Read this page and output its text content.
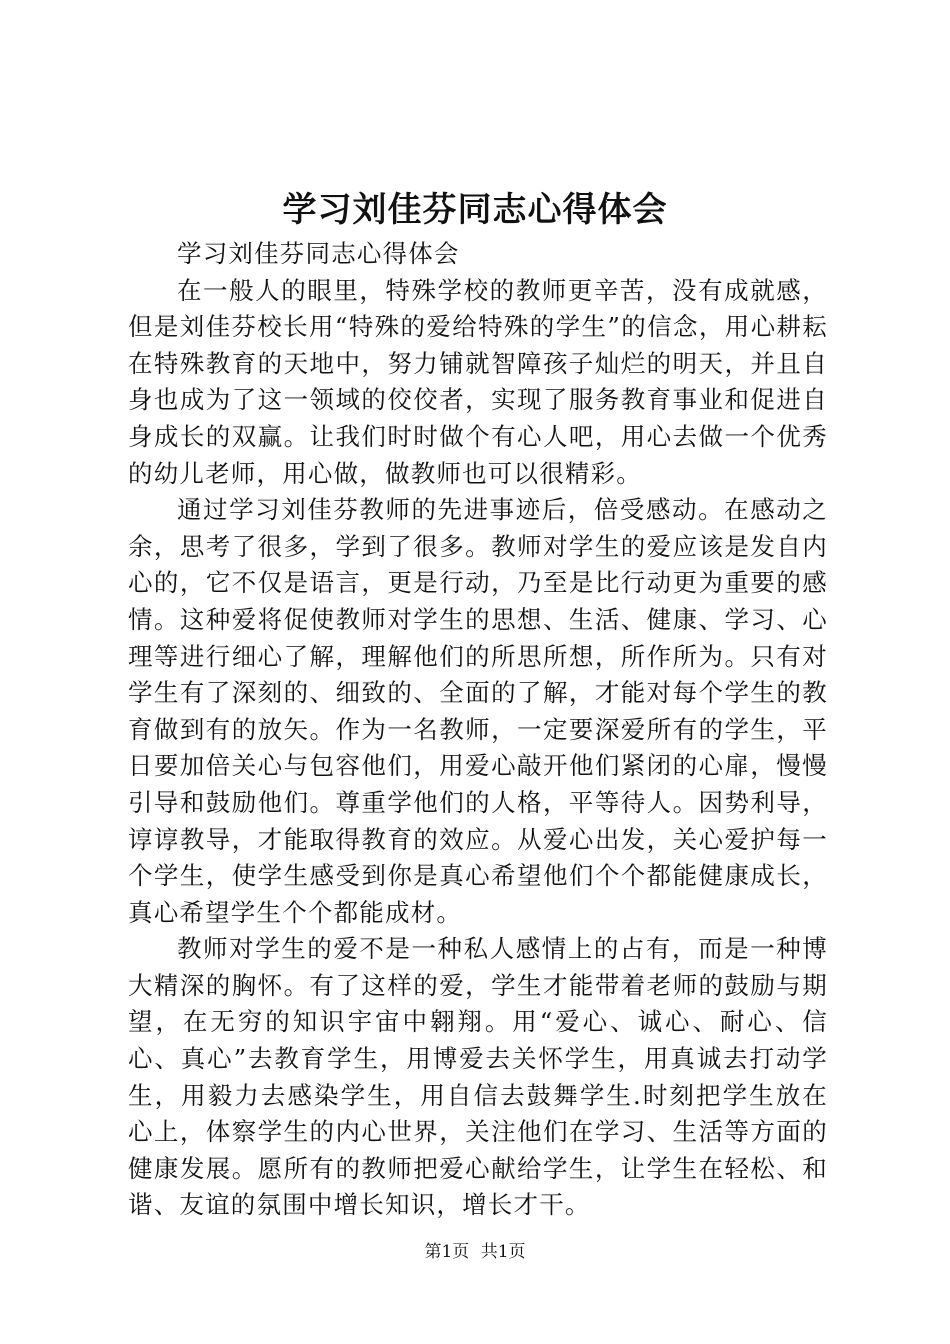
学习刘佳芬同志心得体会

学习刘佳芬同志心得体会

在一般人的眼里，特殊学校的教师更辛苦，没有成就感，但是刘佳芬校长用“特殊的爱给特殊的学生”的信念，用心耕耘在特殊教育的天地中，努力铺就智障孩子灿烂的明天，并且自身也成为了这一领域的佼佼者，实现了服务教育事业和促进自身成长的双赢。让我们时时做个有心人吧，用心去做一个优秀的幼儿老师，用心做，做教师也可以很精彩。

通过学习刘佳芬教师的先进事迹后，倍受感动。在感动之余，思考了很多，学到了很多。教师对学生的爱应该是发自内心的，它不仅是语言，更是行动，乃至是比行动更为重要的感情。这种爱将促使教师对学生的思想、生活、健康、学习、心理等进行细心了解，理解他们的所思所想，所作所为。只有对学生有了深刻的、细致的、全面的了解，才能对每个学生的教育做到有的放矢。作为一名教师，一定要深爱所有的学生，平日要加倍关心与包容他们，用爱心敲开他们紧闭的心扉，慢慢引导和鼓励他们。尊重学他们的人格，平等待人。因势利导，谆谆教导，才能取得教育的效应。从爱心出发，关心爱护每一个学生，使学生感受到你是真心希望他们个个都能健康成长，真心希望学生个个都能成材。

教师对学生的爱不是一种私人感情上的占有，而是一种博大精深的胸怀。有了这样的爱，学生才能带着老师的鼓励与期望，在无穷的知识宇宙中翱翔。用“爱心、诚心、耐心、信心、真心”去教育学生，用博爱去关怀学生，用真诚去打动学生，用毅力去感染学生，用自信去鼓舞学生.时刻把学生放在心上，体察学生的内心世界，关注他们在学习、生活等方面的健康发展。愿所有的教师把爱心献给学生，让学生在轻松、和谐、友谊的氛围中增长知识，增长才干。

第1页 共1页
